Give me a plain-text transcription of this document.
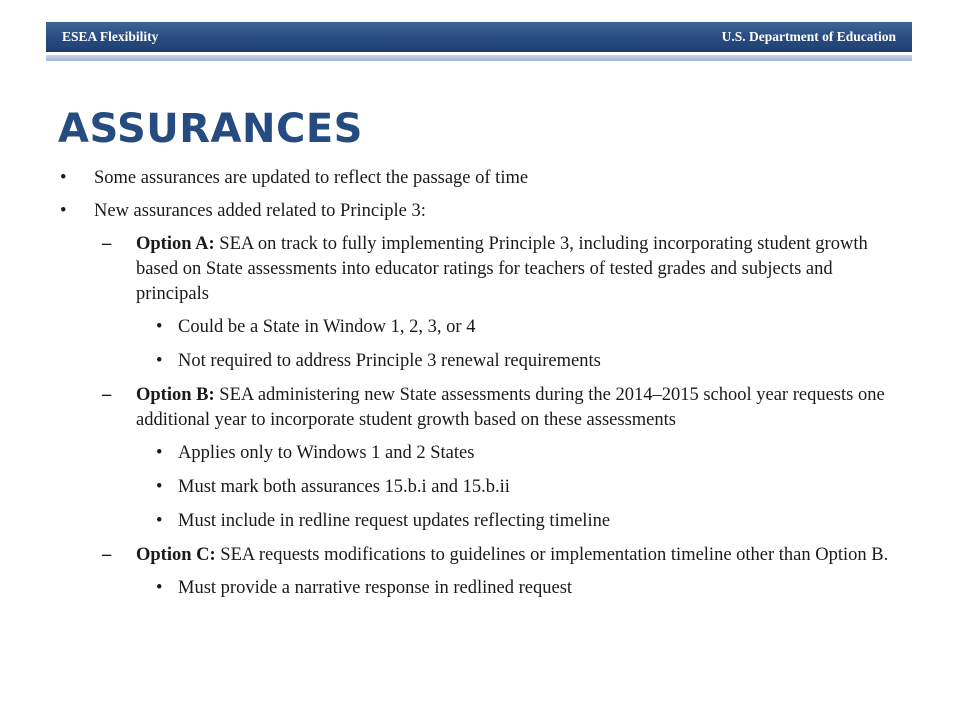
ESEA Flexibility	U.S. Department of Education
ASSURANCES

• Some assurances are updated to reflect the passage of time

• New assurances added related to Principle 3:

– Option A: SEA on track to fully implementing Principle 3, including incorporating student growth based on State assessments into educator ratings for teachers of tested grades and subjects and principals

• Could be a State in Window 1, 2, 3, or 4

• Not required to address Principle 3 renewal requirements

– Option B: SEA administering new State assessments during the 2014–2015 school year requests one additional year to incorporate student growth based on these assessments

• Applies only to Windows 1 and 2 States

• Must mark both assurances 15.b.i and 15.b.ii

• Must include in redline request updates reflecting timeline

– Option C: SEA requests modifications to guidelines or implementation timeline other than Option B.

• Must provide a narrative response in redlined request
